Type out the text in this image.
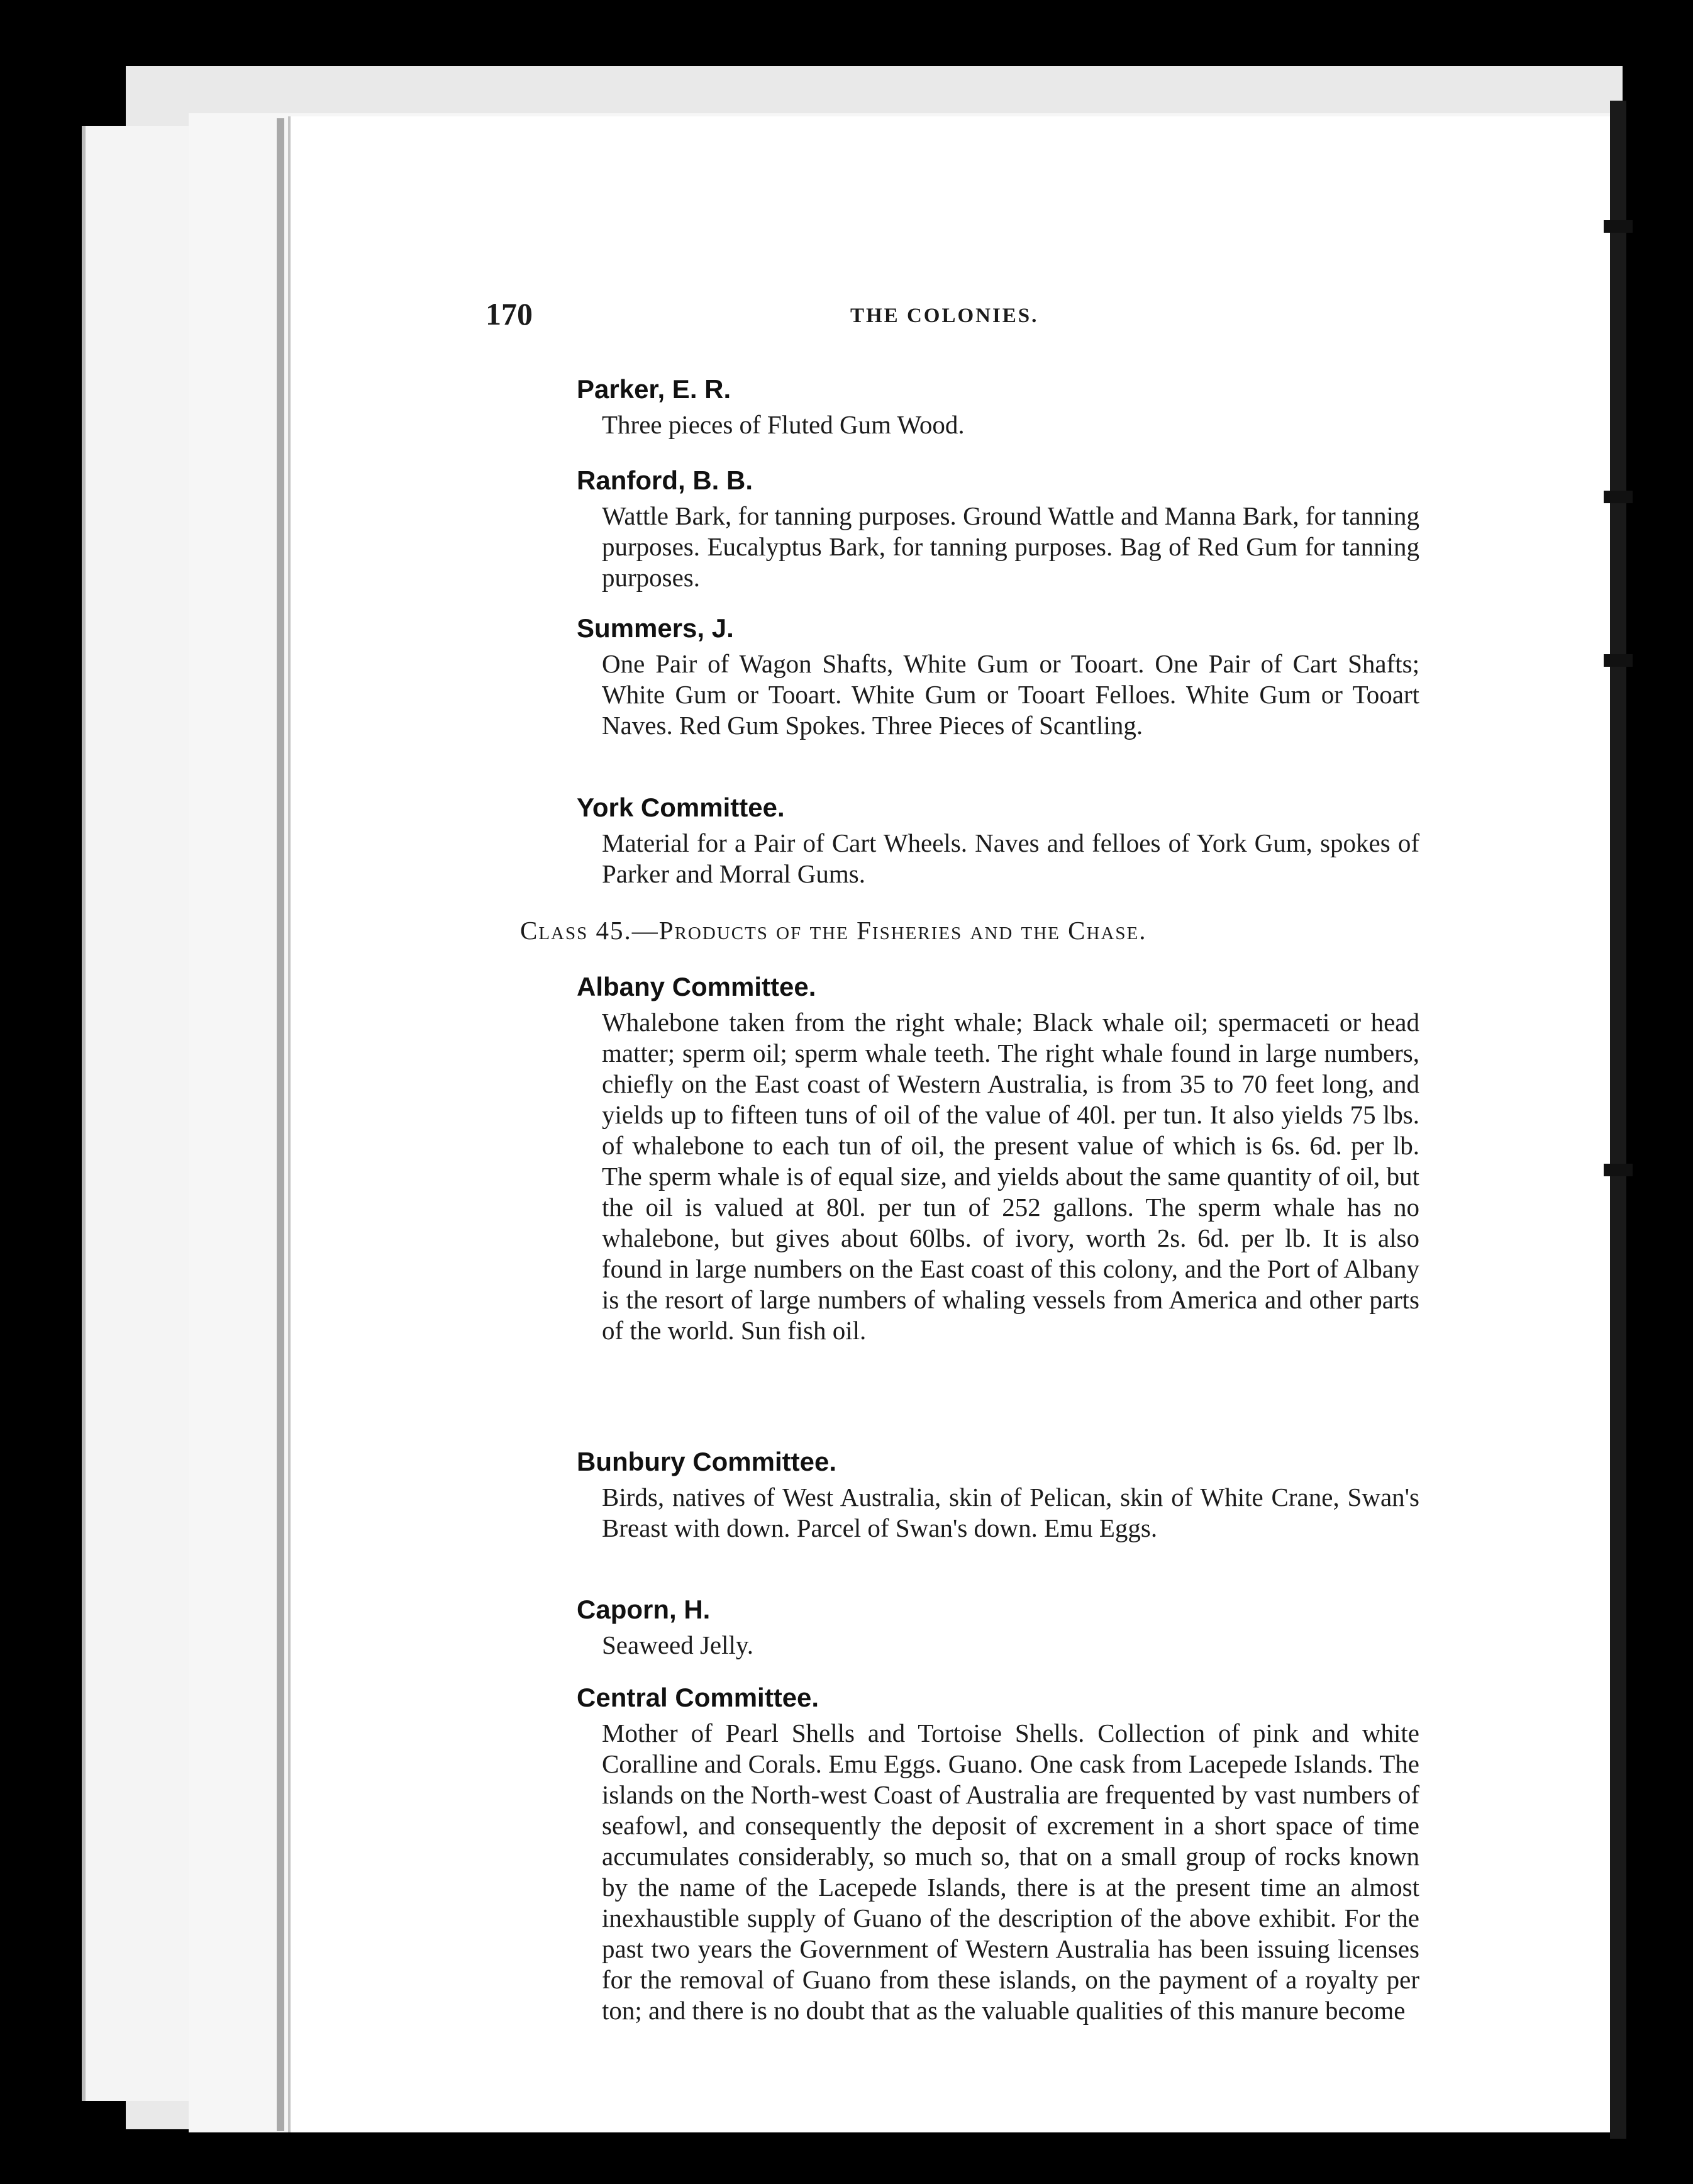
170	THE COLONIES.
Parker, E. R.
Three pieces of Fluted Gum Wood.
Ranford, B. B.
Wattle Bark, for tanning purposes. Ground Wattle and Manna Bark, for tanning purposes. Eucalyptus Bark, for tanning purposes. Bag of Red Gum for tanning purposes.
Summers, J.
One Pair of Wagon Shafts, White Gum or Tooart. One Pair of Cart Shafts; White Gum or Tooart. White Gum or Tooart Felloes. White Gum or Tooart Naves. Red Gum Spokes. Three Pieces of Scantling.
York Committee.
Material for a Pair of Cart Wheels. Naves and felloes of York Gum, spokes of Parker and Morral Gums.
Class 45.—Products of the Fisheries and the Chase.
Albany Committee.
Whalebone taken from the right whale; Black whale oil; spermaceti or head matter; sperm oil; sperm whale teeth. The right whale found in large numbers, chiefly on the East coast of Western Australia, is from 35 to 70 feet long, and yields up to fifteen tuns of oil of the value of 40l. per tun. It also yields 75 lbs. of whalebone to each tun of oil, the present value of which is 6s. 6d. per lb. The sperm whale is of equal size, and yields about the same quantity of oil, but the oil is valued at 80l. per tun of 252 gallons. The sperm whale has no whalebone, but gives about 60lbs. of ivory, worth 2s. 6d. per lb. It is also found in large numbers on the East coast of this colony, and the Port of Albany is the resort of large numbers of whaling vessels from America and other parts of the world. Sun fish oil.
Bunbury Committee.
Birds, natives of West Australia, skin of Pelican, skin of White Crane, Swan's Breast with down. Parcel of Swan's down. Emu Eggs.
Caporn, H.
Seaweed Jelly.
Central Committee.
Mother of Pearl Shells and Tortoise Shells. Collection of pink and white Coralline and Corals. Emu Eggs. Guano. One cask from Lacepede Islands. The islands on the North-west Coast of Australia are frequented by vast numbers of seafowl, and consequently the deposit of excrement in a short space of time accumulates considerably, so much so, that on a small group of rocks known by the name of the Lacepede Islands, there is at the present time an almost inexhaustible supply of Guano of the description of the above exhibit. For the past two years the Government of Western Australia has been issuing licenses for the removal of Guano from these islands, on the payment of a royalty per ton; and there is no doubt that as the valuable qualities of this manure become
